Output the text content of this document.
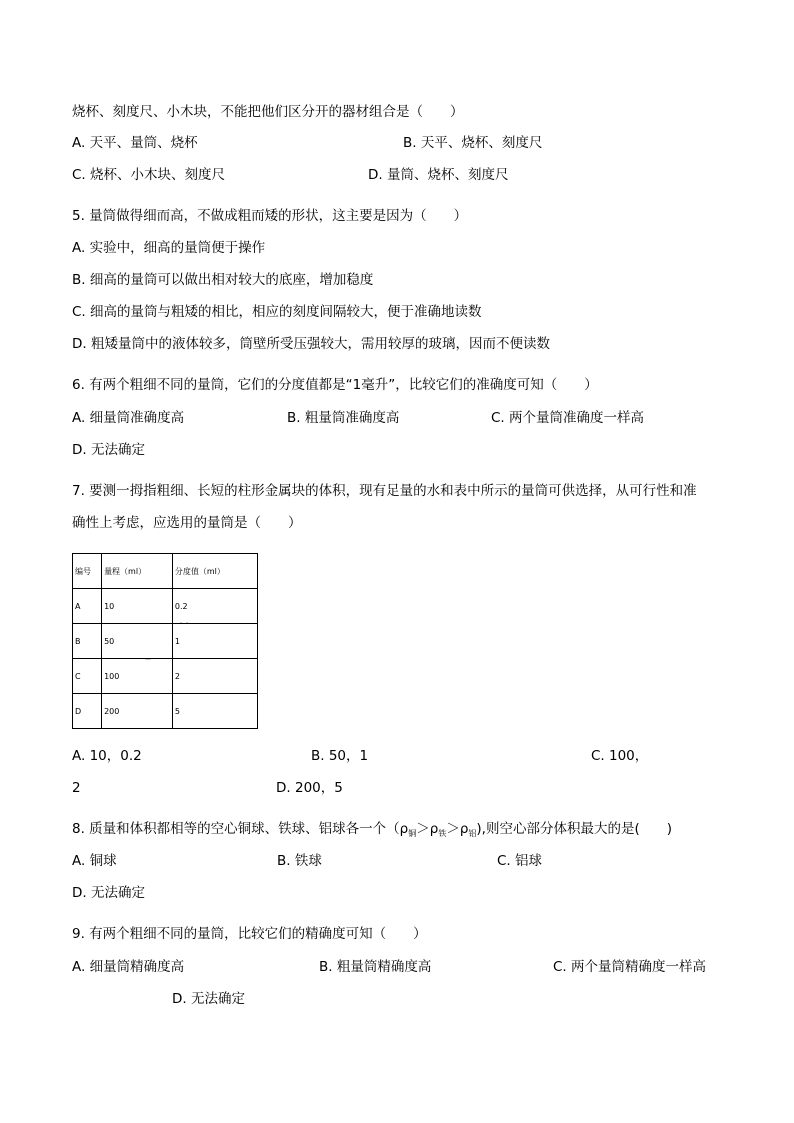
烧杯、刻度尺、小木块，不能把他们区分开的器材组合是（　　）
A. 天平、量筒、烧杯	B. 天平、烧杯、刻度尺
C. 烧杯、小木块、刻度尺	D. 量筒、烧杯、刻度尺
5. 量筒做得细而高，不做成粗而矮的形状，这主要是因为（　　）
A. 实验中，细高的量筒便于操作
B. 细高的量筒可以做出相对较大的底座，增加稳度
C. 细高的量筒与粗矮的相比，相应的刻度间隔较大，便于准确地读数
D. 粗矮量筒中的液体较多，筒壁所受压强较大，需用较厚的玻璃，因而不便读数
6. 有两个粗细不同的量筒，它们的分度值都是“1毫升”，比较它们的准确度可知（　　）
A. 细量筒准确度高	B. 粗量筒准确度高	C. 两个量筒准确度一样高
D. 无法确定
7. 要测一拇指粗细、长短的柱形金属块的体积，现有足量的水和表中所示的量筒可供选择，从可行性和准
确性上考虑，应选用的量筒是（　　）
编号	量程（ml）	分度值（ml）
A	10	0.2
B	50	1
C	100	2
D	200	5
- -
—
A. 10，0.2	B. 50，1	C. 100，
2	D. 200，5
8. 质量和体积都相等的空心铜球、铁球、铝球各一个$(\rho_铜>\rho_铁>\rho_铝)$,则空心部分体积最大的是(　　)
A. 铜球	B. 铁球	C. 铝球
D. 无法确定
9. 有两个粗细不同的量筒，比较它们的精确度可知（　　）
A. 细量筒精确度高	B. 粗量筒精确度高	C. 两个量筒精确度一样高
D. 无法确定
